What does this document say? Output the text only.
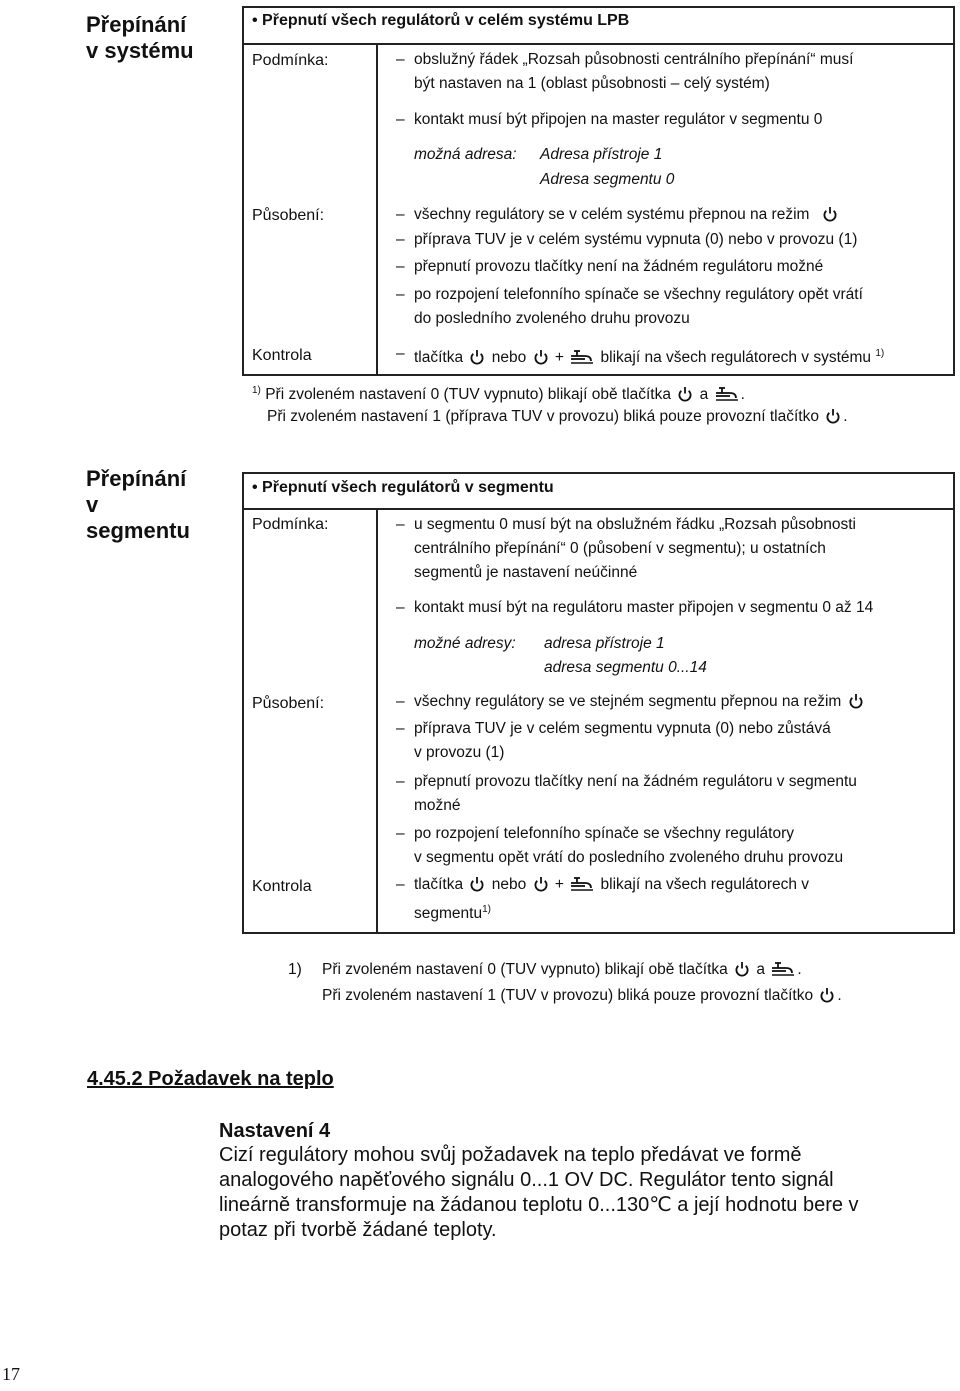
Přepínání
v systému
• Přepnutí všech regulátorů v celém systému LPB
Podmínka:	– obslužný řádek „Rozsah působnosti centrálního přepínání“ musí
být nastaven na 1 (oblast působnosti – celý systém)
– kontakt musí být připojen na master regulátor v segmentu 0
možná adresa: Adresa přístroje 1
Adresa segmentu 0
Působení:	– všechny regulátory se v celém systému přepnou na režim
– příprava TUV je v celém systému vypnuta (0) nebo v provozu (1)
– přepnutí provozu tlačítky není na žádném regulátoru možné
– po rozpojení telefonního spínače se všechny regulátory opět vrátí
do posledního zvoleného druhu provozu
Kontrola	– tlačítka nebo + blikají na všech regulátorech v systému $^{1)}$
$^{1)}$ Při zvoleném nastavení 0 (TUV vypnuto) blikají obě tlačítka a .
Při zvoleném nastavení 1 (příprava TUV v provozu) bliká pouze provozní tlačítko .
Přepínání
v
segmentu
• Přepnutí všech regulátorů v segmentu
Podmínka:	– u segmentu 0 musí být na obslužném řádku „Rozsah působnosti
centrálního přepínání“ 0 (působení v segmentu); u ostatních
segmentů je nastavení neúčinné
– kontakt musí být na regulátoru master připojen v segmentu 0 až 14
možné adresy: adresa přístroje 1
adresa segmentu 0...14
Působení:	– všechny regulátory se ve stejném segmentu přepnou na režim
– příprava TUV je v celém segmentu vypnuta (0) nebo zůstává
v provozu (1)
– přepnutí provozu tlačítky není na žádném regulátoru v segmentu
možné
– po rozpojení telefonního spínače se všechny regulátory
v segmentu opět vrátí do posledního zvoleného druhu provozu
Kontrola	– tlačítka nebo + blikají na všech regulátorech v
segmentu$^{1)}$
1) Při zvoleném nastavení 0 (TUV vypnuto) blikají obě tlačítka a .
Při zvoleném nastavení 1 (TUV v provozu) bliká pouze provozní tlačítko .
4.45.2 Požadavek na teplo
Nastavení 4
Cizí regulátory mohou svůj požadavek na teplo předávat ve formě
analogového napěťového signálu 0...1 OV DC. Regulátor tento signál
lineárně transformuje na žádanou teplotu 0...130℃ a její hodnotu bere v
potaz při tvorbě žádané teploty.
17
